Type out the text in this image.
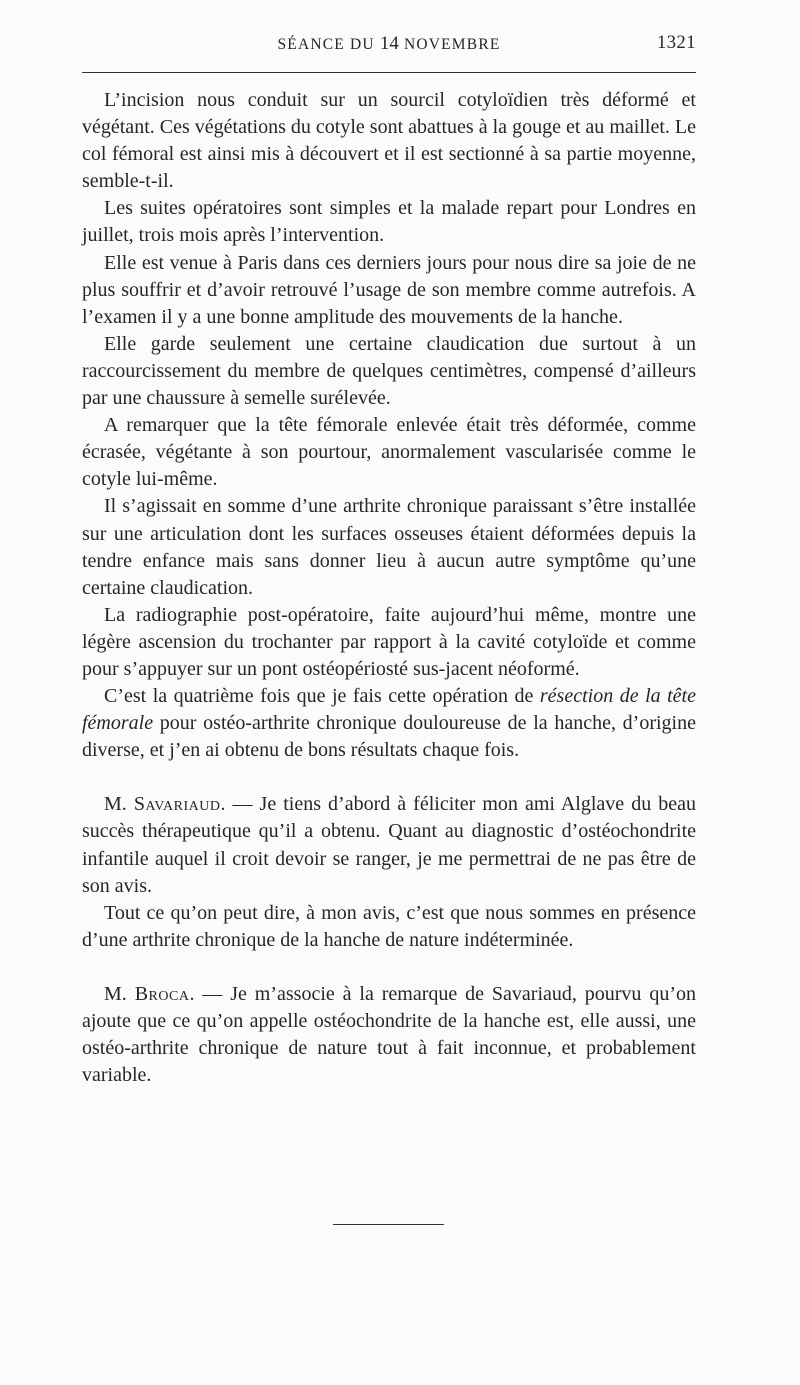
SÉANCE DU 14 NOVEMBRE	1321

L’incision nous conduit sur un sourcil cotyloïdien très déformé et végétant. Ces végétations du cotyle sont abattues à la gouge et au maillet. Le col fémoral est ainsi mis à découvert et il est sectionné à sa partie moyenne, semble-t-il.

Les suites opératoires sont simples et la malade repart pour Londres en juillet, trois mois après l’intervention.

Elle est venue à Paris dans ces derniers jours pour nous dire sa joie de ne plus souffrir et d’avoir retrouvé l’usage de son membre comme autrefois. A l’examen il y a une bonne amplitude des mouvements de la hanche.

Elle garde seulement une certaine claudication due surtout à un raccourcissement du membre de quelques centimètres, compensé d’ailleurs par une chaussure à semelle surélevée.

A remarquer que la tête fémorale enlevée était très déformée, comme écrasée, végétante à son pourtour, anormalement vascularisée comme le cotyle lui-même.

Il s’agissait en somme d’une arthrite chronique paraissant s’être installée sur une articulation dont les surfaces osseuses étaient déformées depuis la tendre enfance mais sans donner lieu à aucun autre symptôme qu’une certaine claudication.

La radiographie post-opératoire, faite aujourd’hui même, montre une légère ascension du trochanter par rapport à la cavité cotyloïde et comme pour s’appuyer sur un pont ostéopériosté sus-jacent néoformé.

C’est la quatrième fois que je fais cette opération de résection de la tête fémorale pour ostéo-arthrite chronique douloureuse de la hanche, d’origine diverse, et j’en ai obtenu de bons résultats chaque fois.

M. Savariaud. — Je tiens d’abord à féliciter mon ami Alglave du beau succès thérapeutique qu’il a obtenu. Quant au diagnostic d’ostéochondrite infantile auquel il croit devoir se ranger, je me permettrai de ne pas être de son avis.

Tout ce qu’on peut dire, à mon avis, c’est que nous sommes en présence d’une arthrite chronique de la hanche de nature indéterminée.

M. Broca. — Je m’associe à la remarque de Savariaud, pourvu qu’on ajoute que ce qu’on appelle ostéochondrite de la hanche est, elle aussi, une ostéo-arthrite chronique de nature tout à fait inconnue, et probablement variable.
